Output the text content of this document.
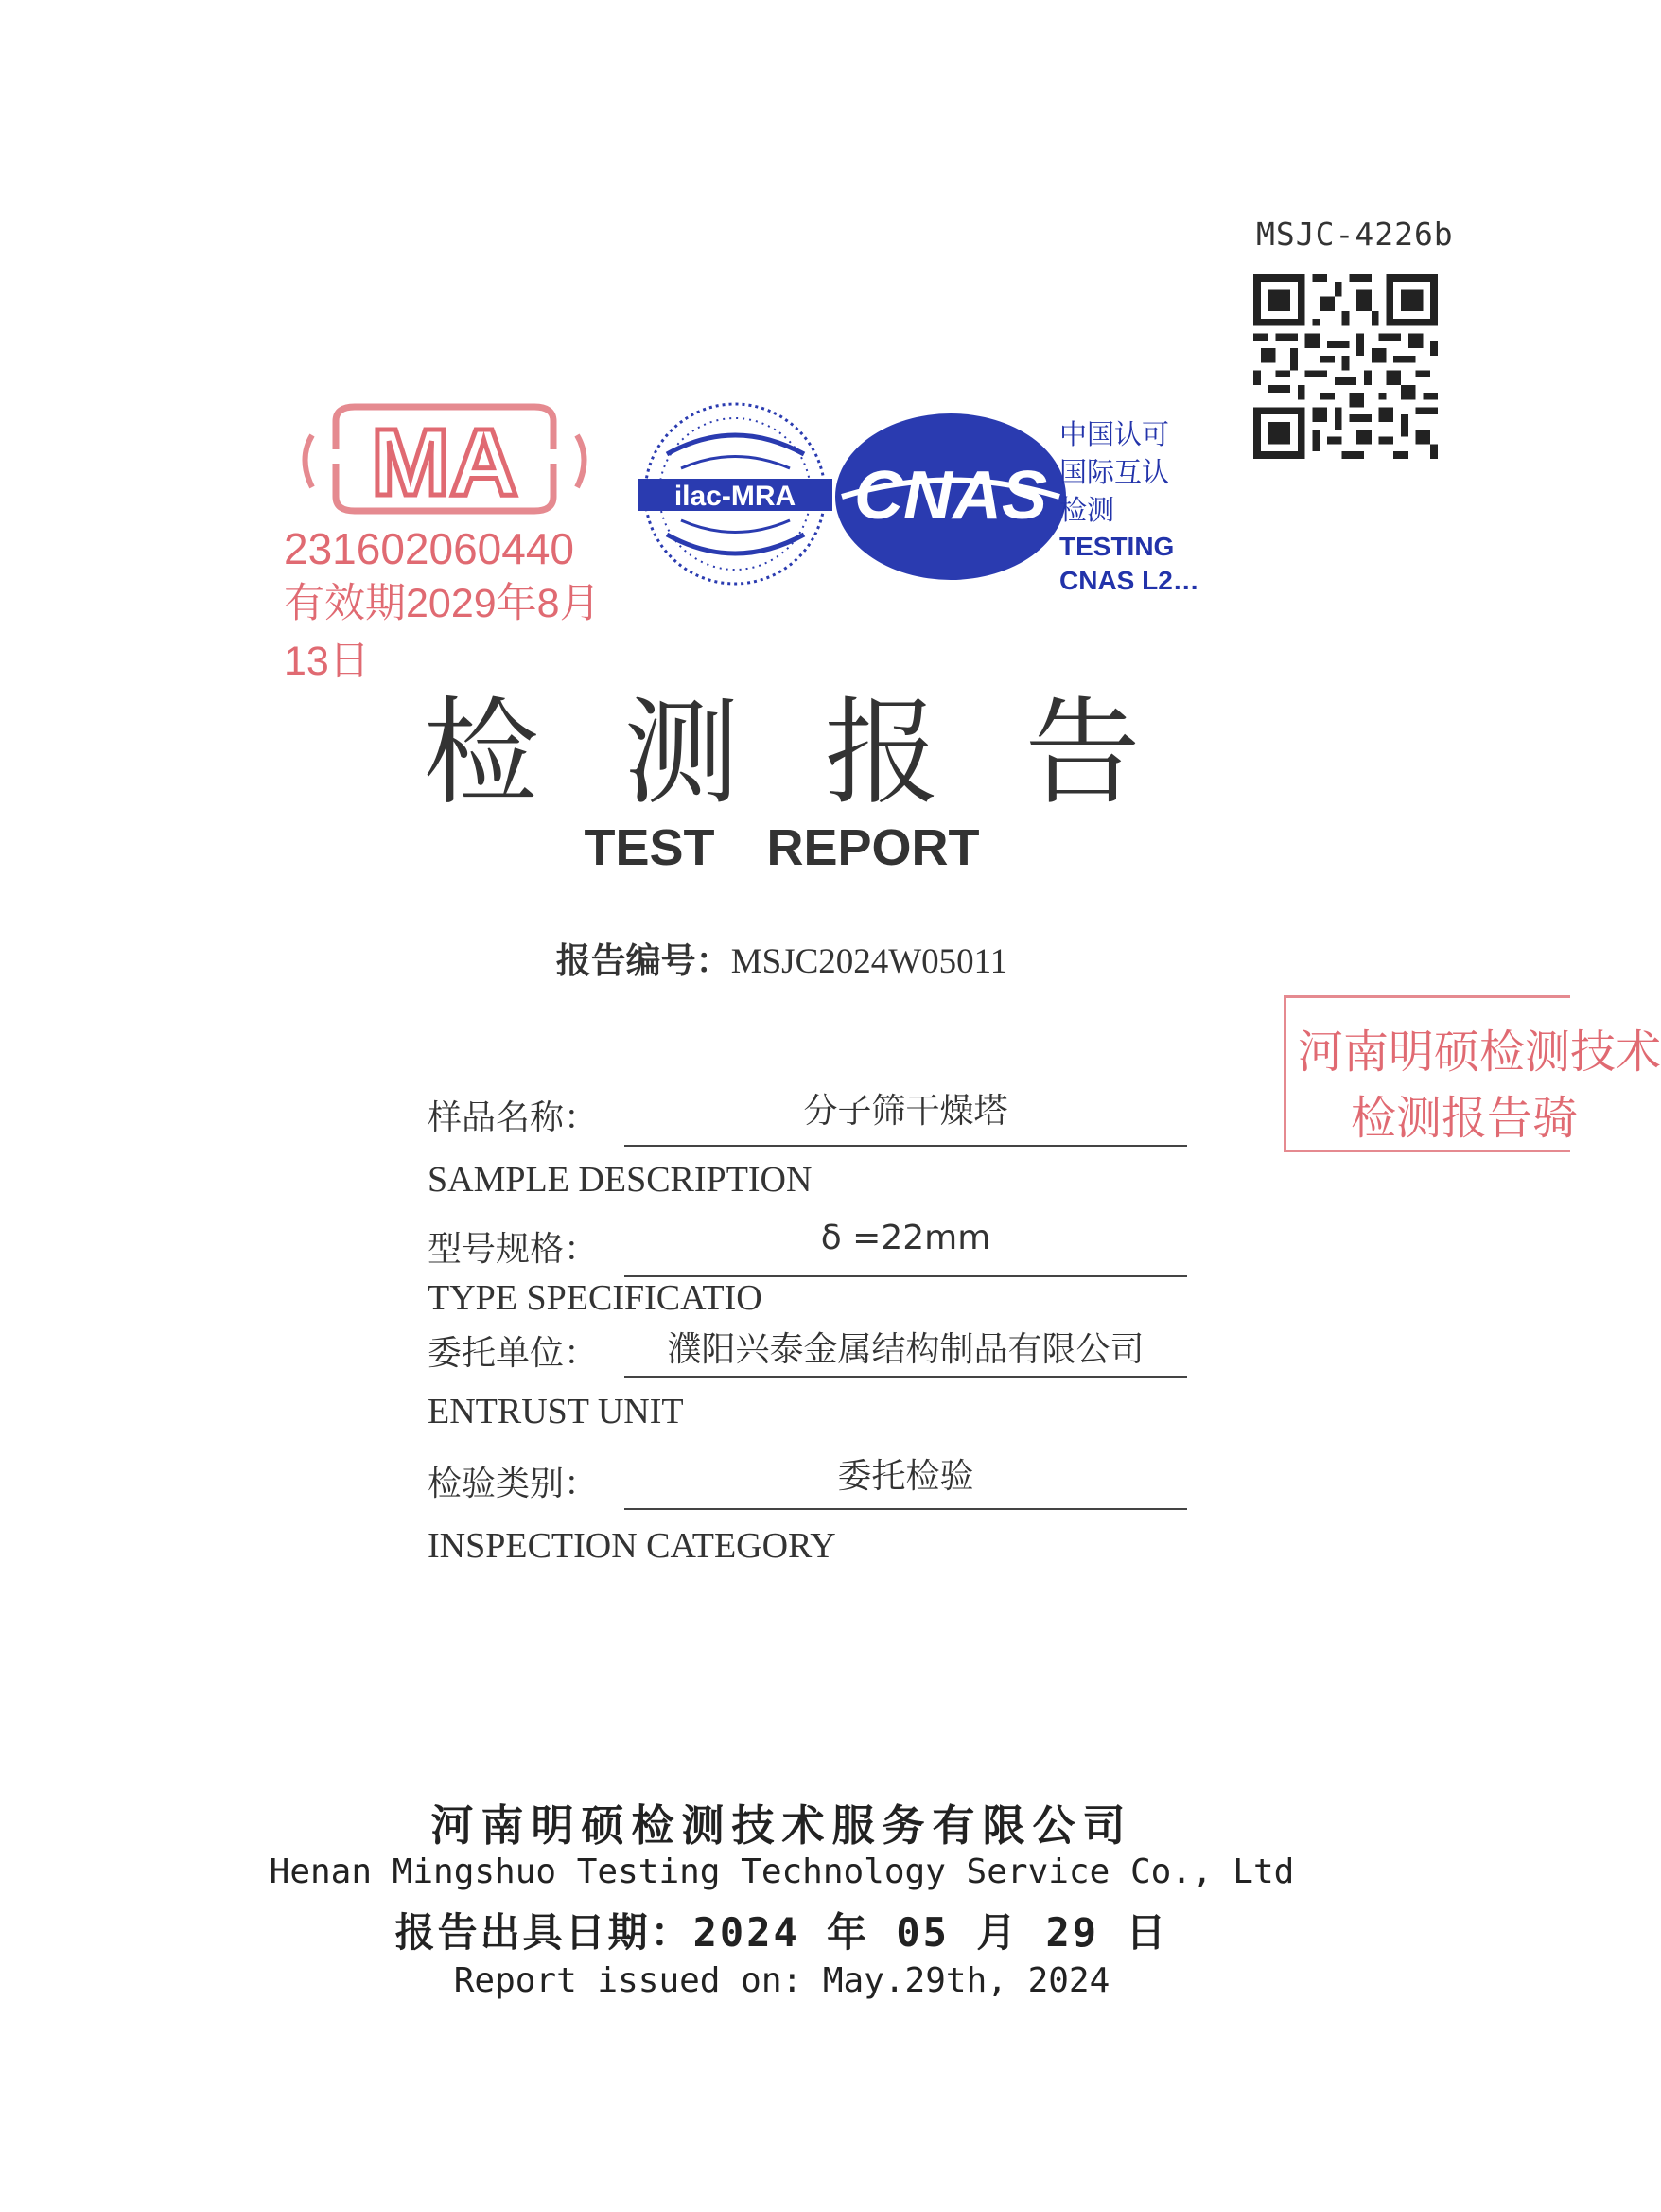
MSJC-4226b
MA
231602060440
有效期2029年8月13日
ilac-MRA CNAS
中国认可
国际互认
检测
TESTING
CNAS L2…
检测报告
TEST REPORT
报告编号：MSJC2024W05011
样品名称：	分子筛干燥塔
SAMPLE DESCRIPTION
型号规格：	δ =22mm
TYPE SPECIFICATIO
委托单位：	濮阳兴泰金属结构制品有限公司
ENTRUST UNIT
检验类别：	委托检验
INSPECTION CATEGORY
河南明硕检测技术
检测报告骑
河南明硕检测技术服务有限公司
Henan Mingshuo Testing Technology Service Co., Ltd
报告出具日期：2024 年 05 月 29 日
Report issued on: May.29th, 2024
